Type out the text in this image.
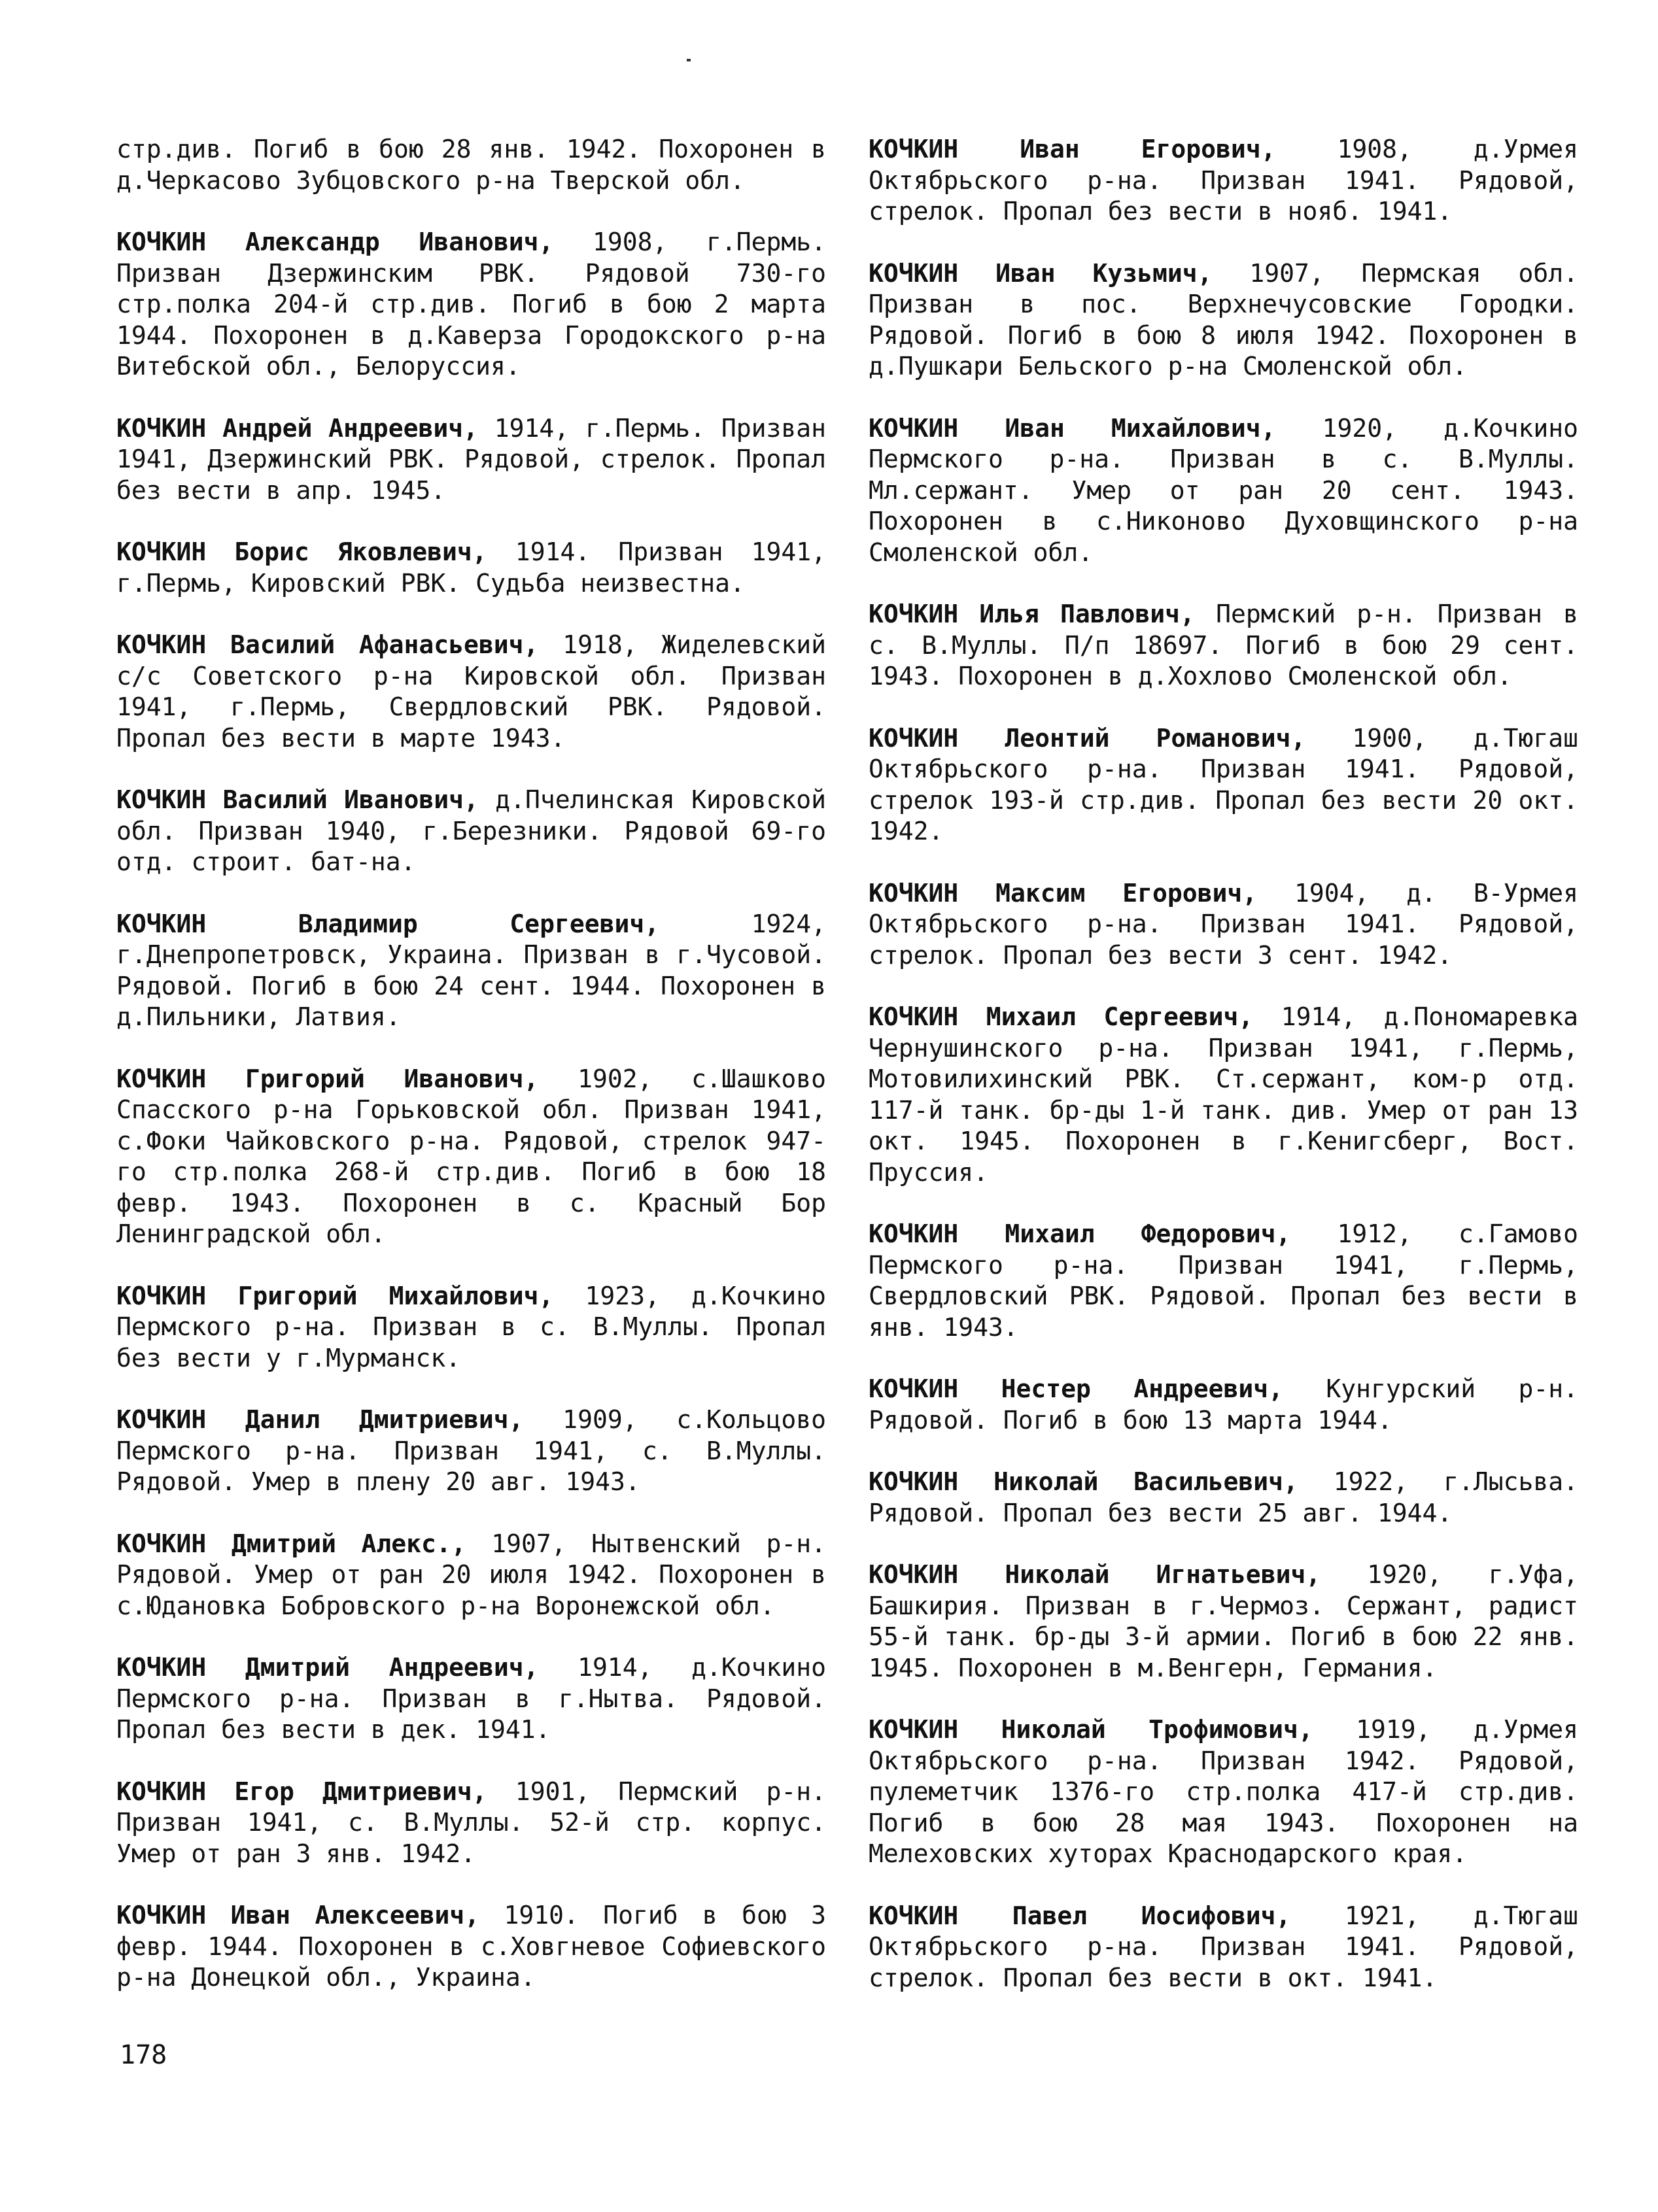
стр.див. Погиб в бою 28 янв. 1942. Похоронен в д.Черкасово Зубцовского р-на Тверской обл.

КОЧКИН Александр Иванович, 1908, г.Пермь. Призван Дзержинским РВК. Рядовой 730-го стр.полка 204-й стр.див. Погиб в бою 2 марта 1944. Похоронен в д.Каверза Городокского р-на Витебской обл., Белоруссия.

КОЧКИН Андрей Андреевич, 1914, г.Пермь. Призван 1941, Дзержинский РВК. Рядовой, стрелок. Пропал без вести в апр. 1945.

КОЧКИН Борис Яковлевич, 1914. Призван 1941, г.Пермь, Кировский РВК. Судьба неизвестна.

КОЧКИН Василий Афанасьевич, 1918, Жиделевский с/с Советского р-на Кировской обл. Призван 1941, г.Пермь, Свердловский РВК. Рядовой. Пропал без вести в марте 1943.

КОЧКИН Василий Иванович, д.Пчелинская Кировской обл. Призван 1940, г.Березники. Рядовой 69-го отд. строит. бат-на.

КОЧКИН Владимир Сергеевич, 1924, г.Днепропетровск, Украина. Призван в г.Чусовой. Рядовой. Погиб в бою 24 сент. 1944. Похоронен в д.Пильники, Латвия.

КОЧКИН Григорий Иванович, 1902, с.Шашково Спасского р-на Горьковской обл. Призван 1941, с.Фоки Чайковского р-на. Рядовой, стрелок 947-го стр.полка 268-й стр.див. Погиб в бою 18 февр. 1943. Похоронен в с. Красный Бор Ленинградской обл.

КОЧКИН Григорий Михайлович, 1923, д.Кочкино Пермского р-на. Призван в с. В.Муллы. Пропал без вести у г.Мурманск.

КОЧКИН Данил Дмитриевич, 1909, с.Кольцово Пермского р-на. Призван 1941, с. В.Муллы. Рядовой. Умер в плену 20 авг. 1943.

КОЧКИН Дмитрий Алекс., 1907, Нытвенский р-н. Рядовой. Умер от ран 20 июля 1942. Похоронен в с.Юдановка Бобровского р-на Воронежской обл.

КОЧКИН Дмитрий Андреевич, 1914, д.Кочкино Пермского р-на. Призван в г.Нытва. Рядовой. Пропал без вести в дек. 1941.

КОЧКИН Егор Дмитриевич, 1901, Пермский р-н. Призван 1941, с. В.Муллы. 52-й стр. корпус. Умер от ран 3 янв. 1942.

КОЧКИН Иван Алексеевич, 1910. Погиб в бою 3 февр. 1944. Похоронен в с.Ховгневое Софиевского р-на Донецкой обл., Украина.

КОЧКИН Иван Егорович, 1908, д.Урмея Октябрьского р-на. Призван 1941. Рядовой, стрелок. Пропал без вести в нояб. 1941.

КОЧКИН Иван Кузьмич, 1907, Пермская обл. Призван в пос. Верхнечусовские Городки. Рядовой. Погиб в бою 8 июля 1942. Похоронен в д.Пушкари Бельского р-на Смоленской обл.

КОЧКИН Иван Михайлович, 1920, д.Кочкино Пермского р-на. Призван в с. В.Муллы. Мл.сержант. Умер от ран 20 сент. 1943. Похоронен в с.Никоново Духовщинского р-на Смоленской обл.

КОЧКИН Илья Павлович, Пермский р-н. Призван в с. В.Муллы. П/п 18697. Погиб в бою 29 сент. 1943. Похоронен в д.Хохлово Смоленской обл.

КОЧКИН Леонтий Романович, 1900, д.Тюгаш Октябрьского р-на. Призван 1941. Рядовой, стрелок 193-й стр.див. Пропал без вести 20 окт. 1942.

КОЧКИН Максим Егорович, 1904, д. В-Урмея Октябрьского р-на. Призван 1941. Рядовой, стрелок. Пропал без вести 3 сент. 1942.

КОЧКИН Михаил Сергеевич, 1914, д.Пономаревка Чернушинского р-на. Призван 1941, г.Пермь, Мотовилихинский РВК. Ст.сержант, ком-р отд. 117-й танк. бр-ды 1-й танк. див. Умер от ран 13 окт. 1945. Похоронен в г.Кенигсберг, Вост. Пруссия.

КОЧКИН Михаил Федорович, 1912, с.Гамово Пермского р-на. Призван 1941, г.Пермь, Свердловский РВК. Рядовой. Пропал без вести в янв. 1943.

КОЧКИН Нестер Андреевич, Кунгурский р-н. Рядовой. Погиб в бою 13 марта 1944.

КОЧКИН Николай Васильевич, 1922, г.Лысьва. Рядовой. Пропал без вести 25 авг. 1944.

КОЧКИН Николай Игнатьевич, 1920, г.Уфа, Башкирия. Призван в г.Чермоз. Сержант, радист 55-й танк. бр-ды 3-й армии. Погиб в бою 22 янв. 1945. Похоронен в м.Венгерн, Германия.

КОЧКИН Николай Трофимович, 1919, д.Урмея Октябрьского р-на. Призван 1942. Рядовой, пулеметчик 1376-го стр.полка 417-й стр.див. Погиб в бою 28 мая 1943. Похоронен на Мелеховских хуторах Краснодарского края.

КОЧКИН Павел Иосифович, 1921, д.Тюгаш Октябрьского р-на. Призван 1941. Рядовой, стрелок. Пропал без вести в окт. 1941.

178
